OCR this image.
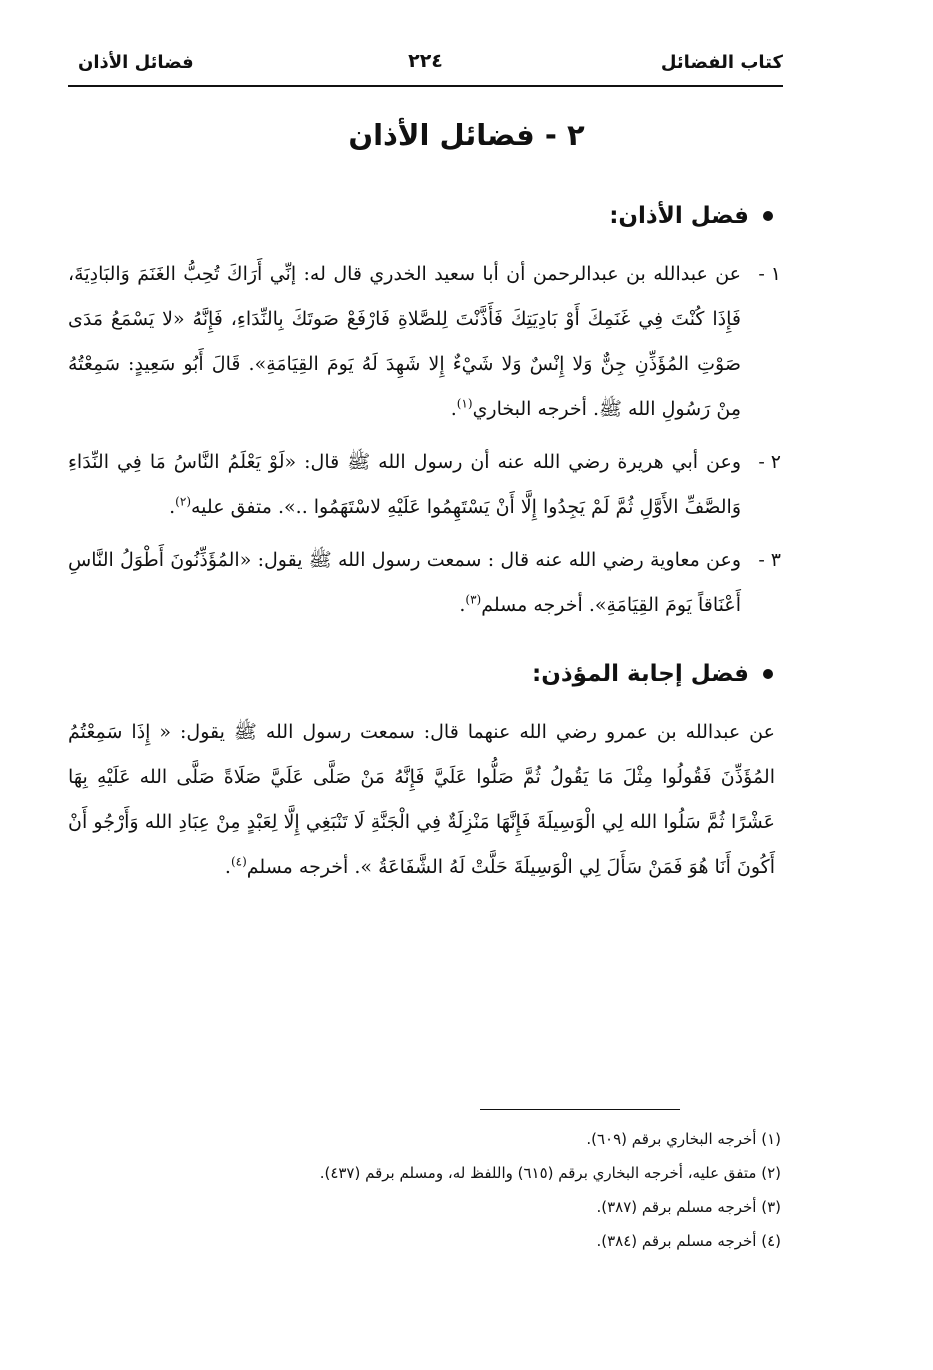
كتاب الفضائل
٢٢٤
فضائل الأذان
٢ - فضائل الأذان
فضل الأذان:
١ -

عن عبدالله بن عبدالرحمن أن أبا سعيد الخدري قال له: إنِّي أَرَاكَ تُحِبُّ الغَنَمَ وَالبَادِيَةَ، فَإِذَا كُنْتَ فِي غَنَمِكَ أَوْ بَادِيَتِكَ فَأَذَّنْتَ لِلصَّلاةِ فَارْفَعْ صَوتَكَ بِالنِّدَاءِ، فَإِنَّهُ «لا يَسْمَعُ مَدَى صَوْتِ المُؤَذِّنِ جِنٌّ وَلا إِنْسٌ وَلا شَيْءٌ إِلا شَهِدَ لَهُ يَومَ القِيَامَةِ». قَالَ أَبُو سَعِيدٍ: سَمِعْتُهُ مِنْ رَسُولِ الله ﷺ. أخرجه البخاري$^{(١)}$.

٢ -

وعن أبي هريرة رضي الله عنه أن رسول الله ﷺ قال: «لَوْ يَعْلَمُ النَّاسُ مَا فِي النِّدَاءِ وَالصَّفِّ الأَوَّلِ ثُمَّ لَمْ يَجِدُوا إِلَّا أَنْ يَسْتَهِمُوا عَلَيْهِ لاسْتَهَمُوا ..». متفق عليه$^{(٢)}$.

٣ -

وعن معاوية رضي الله عنه قال : سمعت رسول الله ﷺ يقول: «المُؤَذِّنُونَ أَطْوَلُ النَّاسِ أَعْنَاقاً يَومَ القِيَامَةِ». أخرجه مسلم$^{(٣)}$.

فضل إجابة المؤذن:

عن عبدالله بن عمرو رضي الله عنهما قال: سمعت رسول الله ﷺ يقول: « إِذَا سَمِعْتُمُ المُؤَذِّنَ فَقُولُوا مِثْلَ مَا يَقُولُ ثُمَّ صَلُّوا عَلَيَّ فَإِنَّهُ مَنْ صَلَّى عَلَيَّ صَلَاةً صَلَّى الله عَلَيْهِ بِهَا عَشْرًا ثُمَّ سَلُوا الله لِي الْوَسِيلَةَ فَإِنَّهَا مَنْزِلَةٌ فِي الْجَنَّةِ لَا تَنْبَغِي إِلَّا لِعَبْدٍ مِنْ عِبَادِ الله وَأَرْجُو أَنْ أَكُونَ أَنَا هُوَ فَمَنْ سَأَلَ لِي الْوَسِيلَةَ حَلَّتْ لَهُ الشَّفَاعَةُ ». أخرجه مسلم$^{(٤)}$.

(١) أخرجه البخاري برقم (٦٠٩).
(٢) متفق عليه، أخرجه البخاري برقم (٦١٥) واللفظ له، ومسلم برقم (٤٣٧).
(٣) أخرجه مسلم برقم (٣٨٧).
(٤) أخرجه مسلم برقم (٣٨٤).
